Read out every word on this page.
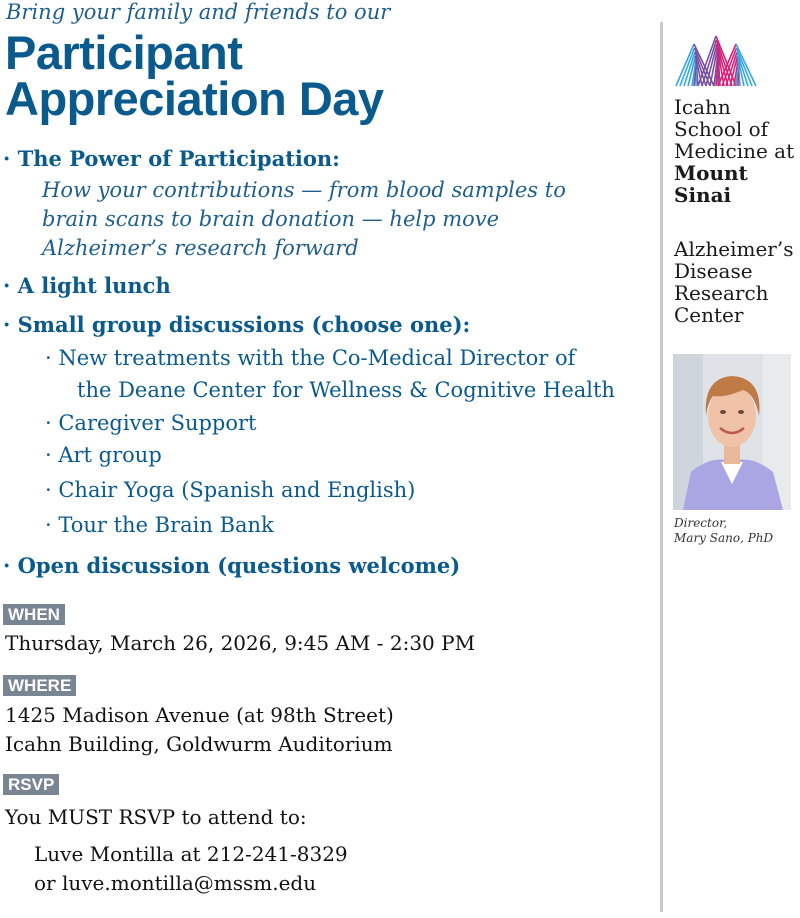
Bring your family and friends to our
Participant
Appreciation Day
· The Power of Participation:
How your contributions — from blood samples to
brain scans to brain donation — help move
Alzheimer’s research forward
· A light lunch
· Small group discussions (choose one):
· New treatments with the Co-Medical Director of
the Deane Center for Wellness & Cognitive Health
· Caregiver Support
· Art group
· Chair Yoga (Spanish and English)
· Tour the Brain Bank
· Open discussion (questions welcome)
WHEN
Thursday, March 26, 2026, 9:45 AM - 2:30 PM
WHERE
1425 Madison Avenue (at 98th Street)
Icahn Building, Goldwurm Auditorium
RSVP
You MUST RSVP to attend to:
Luve Montilla at 212-241-8329
or luve.montilla@mssm.edu
Icahn
School of
Medicine at
Mount
Sinai
Alzheimer’s
Disease
Research
Center
Director,
Mary Sano, PhD
